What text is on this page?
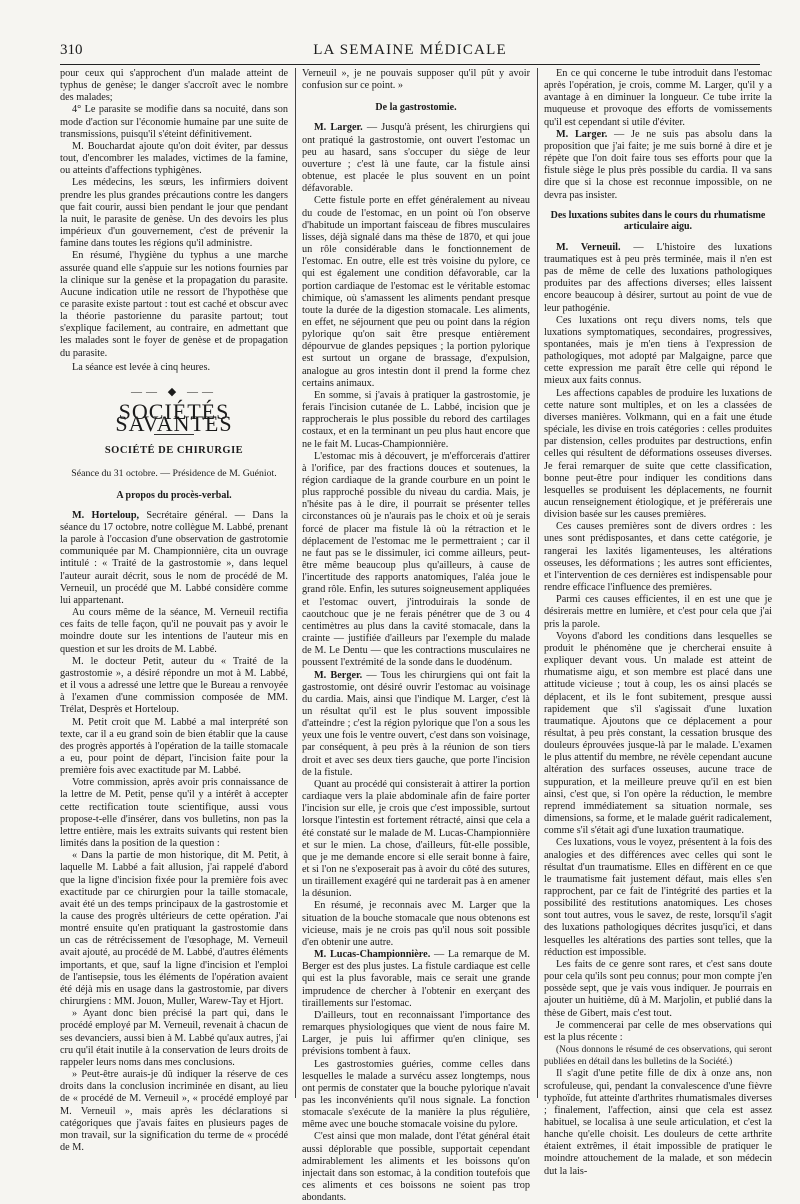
310	LA SEMAINE MÉDICALE

pour ceux qui s'approchent d'un malade atteint de typhus de genèse; le danger s'accroît avec le nombre des malades;

4° Le parasite se modifie dans sa nocuité, dans son mode d'action sur l'économie humaine par une suite de transmissions, puisqu'il s'éteint définitivement.

M. Bouchardat ajoute qu'on doit éviter, par dessus tout, d'encombrer les malades, victimes de la famine, ou atteints d'affections typhigènes.

Les médecins, les sœurs, les infirmiers doivent prendre les plus grandes précautions contre les dangers que fait courir, aussi bien pendant le jour que pendant la nuit, le parasite de genèse. Un des devoirs les plus impérieux d'un gouvernement, c'est de prévenir la famine dans toutes les régions qu'il administre.

En résumé, l'hygiène du typhus a une marche assurée quand elle s'appuie sur les notions fournies par la clinique sur la genèse et la propagation du parasite. Aucune indication utile ne ressort de l'hypothèse que ce parasite existe partout : tout est caché et obscur avec la théorie pastorienne du parasite partout; tout s'explique facilement, au contraire, en admettant que les malades sont le foyer de genèse et de propagation du parasite.

La séance est levée à cinq heures.

—— ◆ ——
SOCIÉTÉS SAVANTES
SOCIÉTÉ DE CHIRURGIE

Séance du 31 octobre. — Présidence de M. Guéniot.

A propos du procès-verbal.

M. Horteloup, Secrétaire général. — Dans la séance du 17 octobre, notre collègue M. Labbé, prenant la parole à l'occasion d'une observation de gastrotomie communiquée par M. Championnière, cita un ouvrage intitulé : « Traité de la gastrostomie », dans lequel l'auteur aurait décrit, sous le nom de procédé de M. Verneuil, un procédé que M. Labbé considère comme lui appartenant.

Au cours même de la séance, M. Verneuil rectifia ces faits de telle façon, qu'il ne pouvait pas y avoir le moindre doute sur les intentions de l'auteur mis en question et sur les droits de M. Labbé.

M. le docteur Petit, auteur du « Traité de la gastrostomie », a désiré répondre un mot à M. Labbé, et il vous a adressé une lettre que le Bureau a renvoyée à l'examen d'une commission composée de MM. Trélat, Desprès et Horteloup.

M. Petit croit que M. Labbé a mal interprété son texte, car il a eu grand soin de bien établir que la cause des progrès apportés à l'opération de la taille stomacale a eu, pour point de départ, l'incision faite pour la première fois avec exactitude par M. Labbé.

Votre commission, après avoir pris connaissance de la lettre de M. Petit, pense qu'il y a intérêt à accepter cette rectification toute scientifique, aussi vous propose-t-elle d'insérer, dans vos bulletins, non pas la lettre entière, mais les extraits suivants qui restent bien limités dans la position de la question :

« Dans la partie de mon historique, dit M. Petit, à laquelle M. Labbé a fait allusion, j'ai rappelé d'abord que la ligne d'incision fixée pour la première fois avec exactitude par ce chirurgien pour la taille stomacale, avait été un des temps principaux de la gastrostomie et la cause des progrès ultérieurs de cette opération. J'ai montré ensuite qu'en pratiquant la gastrostomie dans un cas de rétrécissement de l'œsophage, M. Verneuil avait ajouté, au procédé de M. Labbé, d'autres éléments importants, et que, sauf la ligne d'incision et l'emploi de l'antisepsie, tous les éléments de l'opération avaient été déjà mis en usage dans la gastrostomie, par divers chirurgiens : MM. Jouon, Muller, Warew-Tay et Hjort.

» Ayant donc bien précisé la part qui, dans le procédé employé par M. Verneuil, revenait à chacun de ses devanciers, aussi bien à M. Labbé qu'aux autres, j'ai cru qu'il était inutile à la conservation de leurs droits de rappeler leurs noms dans mes conclusions.

» Peut-être aurais-je dû indiquer la réserve de ces droits dans la conclusion incriminée en disant, au lieu de « procédé de M. Verneuil », « procédé employé par M. Verneuil », mais après les déclarations si catégoriques que j'avais faites en plusieurs pages de mon travail, sur la signification du terme de « procédé de M.

Verneuil », je ne pouvais supposer qu'il pût y avoir confusion sur ce point. »

De la gastrostomie.

M. Larger. — Jusqu'à présent, les chirurgiens qui ont pratiqué la gastrostomie, ont ouvert l'estomac un peu au hasard, sans s'occuper du siège de leur ouverture ; c'est là une faute, car la fistule ainsi obtenue, est placée le plus souvent en un point défavorable.

Cette fistule porte en effet généralement au niveau du coude de l'estomac, en un point où l'on observe d'habitude un important faisceau de fibres musculaires lisses, déjà signalé dans ma thèse de 1870, et qui joue un rôle considérable dans le fonctionnement de l'estomac. En outre, elle est très voisine du pylore, ce qui est également une condition défavorable, car la portion cardiaque de l'estomac est le véritable estomac chimique, où s'amassent les aliments pendant presque toute la durée de la digestion stomacale. Les aliments, en effet, ne séjournent que peu ou point dans la région pylorique qu'on sait être presque entièrement dépourvue de glandes pepsiques ; la portion pylorique est surtout un organe de brassage, d'expulsion, analogue au gros intestin dont il prend la forme chez certains animaux.

En somme, si j'avais à pratiquer la gastrostomie, je ferais l'incision cutanée de L. Labbé, incision que je rapprocherais le plus possible du rebord des cartilages costaux, et en la terminant un peu plus haut encore que ne le fait M. Lucas-Championnière.

L'estomac mis à découvert, je m'efforcerais d'attirer à l'orifice, par des fractions douces et soutenues, la région cardiaque de la grande courbure en un point le plus rapproché possible du niveau du cardia. Mais, je n'hésite pas à le dire, il pourrait se présenter telles circonstances où je n'aurais pas le choix et où je serais forcé de placer ma fistule là où la rétraction et le déplacement de l'estomac me le permettraient ; car il ne faut pas se le dissimuler, ici comme ailleurs, peut-être même beaucoup plus qu'ailleurs, à cause de l'incertitude des rapports anatomiques, l'aléa joue le grand rôle. Enfin, les sutures soigneusement appliquées et l'estomac ouvert, j'introduirais la sonde de caoutchouc que je ne ferais pénétrer que de 3 ou 4 centimètres au plus dans la cavité stomacale, dans la crainte — justifiée d'ailleurs par l'exemple du malade de M. Le Dentu — que les contractions musculaires ne poussent l'extrémité de la sonde dans le duodénum.

M. Berger. — Tous les chirurgiens qui ont fait la gastrostomie, ont désiré ouvrir l'estomac au voisinage du cardia. Mais, ainsi que l'indique M. Larger, c'est là un résultat qu'il est le plus souvent impossible d'atteindre ; c'est la région pylorique que l'on a sous les yeux une fois le ventre ouvert, c'est dans son voisinage, par conséquent, à peu près à la réunion de son tiers droit et avec ses deux tiers gauche, que porte l'incision de la fistule.

Quant au procédé qui consisterait à attirer la portion cardiaque vers la plaie abdominale afin de faire porter l'incision sur elle, je crois que c'est impossible, surtout lorsque l'intestin est fortement rétracté, ainsi que cela a été constaté sur le malade de M. Lucas-Championnière et sur le mien. La chose, d'ailleurs, fût-elle possible, que je me demande encore si elle serait bonne à faire, et si l'on ne s'exposerait pas à avoir du côté des sutures, un tiraillement exagéré qui ne tarderait pas à en amener la désunion.

En résumé, je reconnais avec M. Larger que la situation de la bouche stomacale que nous obtenons est vicieuse, mais je ne crois pas qu'il nous soit possible d'en obtenir une autre.

M. Lucas-Championnière. — La remarque de M. Berger est des plus justes. La fistule cardiaque est celle qui est la plus favorable, mais ce serait une grande imprudence de chercher à l'obtenir en exerçant des tiraillements sur l'estomac.

D'ailleurs, tout en reconnaissant l'importance des remarques physiologiques que vient de nous faire M. Larger, je puis lui affirmer qu'en clinique, ses prévisions tombent à faux.

Les gastrostomies guéries, comme celles dans lesquelles le malade a survécu assez longtemps, nous ont permis de constater que la bouche pylorique n'avait pas les inconvénients qu'il nous signale. La fonction stomacale s'exécute de la manière la plus régulière, même avec une bouche stomacale voisine du pylore.

C'est ainsi que mon malade, dont l'état général était aussi déplorable que possible, supportait cependant admirablement les aliments et les boissons qu'on injectait dans son estomac, à la condition toutefois que ces aliments et ces boissons ne soient pas trop abondants.

En ce qui concerne le tube introduit dans l'estomac après l'opération, je crois, comme M. Larger, qu'il y a avantage à en diminuer la longueur. Ce tube irrite la muqueuse et provoque des efforts de vomissements qu'il est cependant si utile d'éviter.

M. Larger. — Je ne suis pas absolu dans la proposition que j'ai faite; je me suis borné à dire et je répète que l'on doit faire tous ses efforts pour que la fistule siège le plus près possible du cardia. Il va sans dire que si la chose est reconnue impossible, on ne devra pas insister.

Des luxations subites dans le cours du rhumatisme articulaire aigu.

M. Verneuil. — L'histoire des luxations traumatiques est à peu près terminée, mais il n'en est pas de même de celle des luxations pathologiques produites par des affections diverses; elles laissent encore beaucoup à désirer, surtout au point de vue de leur pathogénie.

Ces luxations ont reçu divers noms, tels que luxations symptomatiques, secondaires, progressives, spontanées, mais je m'en tiens à l'expression de pathologiques, mot adopté par Malgaigne, parce que cette expression me paraît être celle qui répond le mieux aux faits connus.

Les affections capables de produire les luxations de cette nature sont multiples, et on les a classées de diverses manières. Volkmann, qui en a fait une étude spéciale, les divise en trois catégories : celles produites par distension, celles produites par destructions, enfin celles qui résultent de déformations osseuses diverses. Je ferai remarquer de suite que cette classification, bonne peut-être pour indiquer les conditions dans lesquelles se produisent les déplacements, ne fournit aucun renseignement étiologique, et je préférerais une division basée sur les causes premières.

Ces causes premières sont de divers ordres : les unes sont prédisposantes, et dans cette catégorie, je rangerai les laxités ligamenteuses, les altérations osseuses, les déformations ; les autres sont efficientes, et l'intervention de ces dernières est indispensable pour rendre efficace l'influence des premières.

Parmi ces causes efficientes, il en est une que je désirerais mettre en lumière, et c'est pour cela que j'ai pris la parole.

Voyons d'abord les conditions dans lesquelles se produit le phénomène que je chercherai ensuite à expliquer devant vous. Un malade est atteint de rhumatisme aigu, et son membre est placé dans une attitude vicieuse ; tout à coup, les os ainsi placés se déplacent, et ils le font subitement, presque aussi rapidement que s'il s'agissait d'une luxation traumatique. Ajoutons que ce déplacement a pour résultat, à peu près constant, la cessation brusque des douleurs éprouvées jusque-là par le malade. L'examen le plus attentif du membre, ne révèle cependant aucune altération des surfaces osseuses, aucune trace de suppuration, et la meilleure preuve qu'il en est bien ainsi, c'est que, si l'on opère la réduction, le membre reprend immédiatement sa situation normale, ses dimensions, sa forme, et le malade guérit radicalement, comme s'il s'était agi d'une luxation traumatique.

Ces luxations, vous le voyez, présentent à la fois des analogies et des différences avec celles qui sont le résultat d'un traumatisme. Elles en diffèrent en ce que le traumatisme fait justement défaut, mais elles s'en rapprochent, par ce fait de l'intégrité des parties et la possibilité des restitutions anatomiques. Les choses sont tout autres, vous le savez, de reste, lorsqu'il s'agit des luxations pathologiques décrites jusqu'ici, et dans lesquelles les altérations des parties sont telles, que la réduction est impossible.

Les faits de ce genre sont rares, et c'est sans doute pour cela qu'ils sont peu connus; pour mon compte j'en possède sept, que je vais vous indiquer. Je pourrais en ajouter un huitième, dû à M. Marjolin, et publié dans la thèse de Gibert, mais c'est tout.

Je commencerai par celle de mes observations qui est la plus récente :

(Nous donnons le résumé de ces observations, qui seront publiées en détail dans les bulletins de la Société.)

Il s'agit d'une petite fille de dix à onze ans, non scrofuleuse, qui, pendant la convalescence d'une fièvre typhoïde, fut atteinte d'arthrites rhumatismales diverses ; finalement, l'affection, ainsi que cela est assez habituel, se localisa à une seule articulation, et c'est la hanche qu'elle choisit. Les douleurs de cette arthrite étaient extrêmes, il était impossible de pratiquer le moindre attouchement de la malade, et son médecin dut la lais-
